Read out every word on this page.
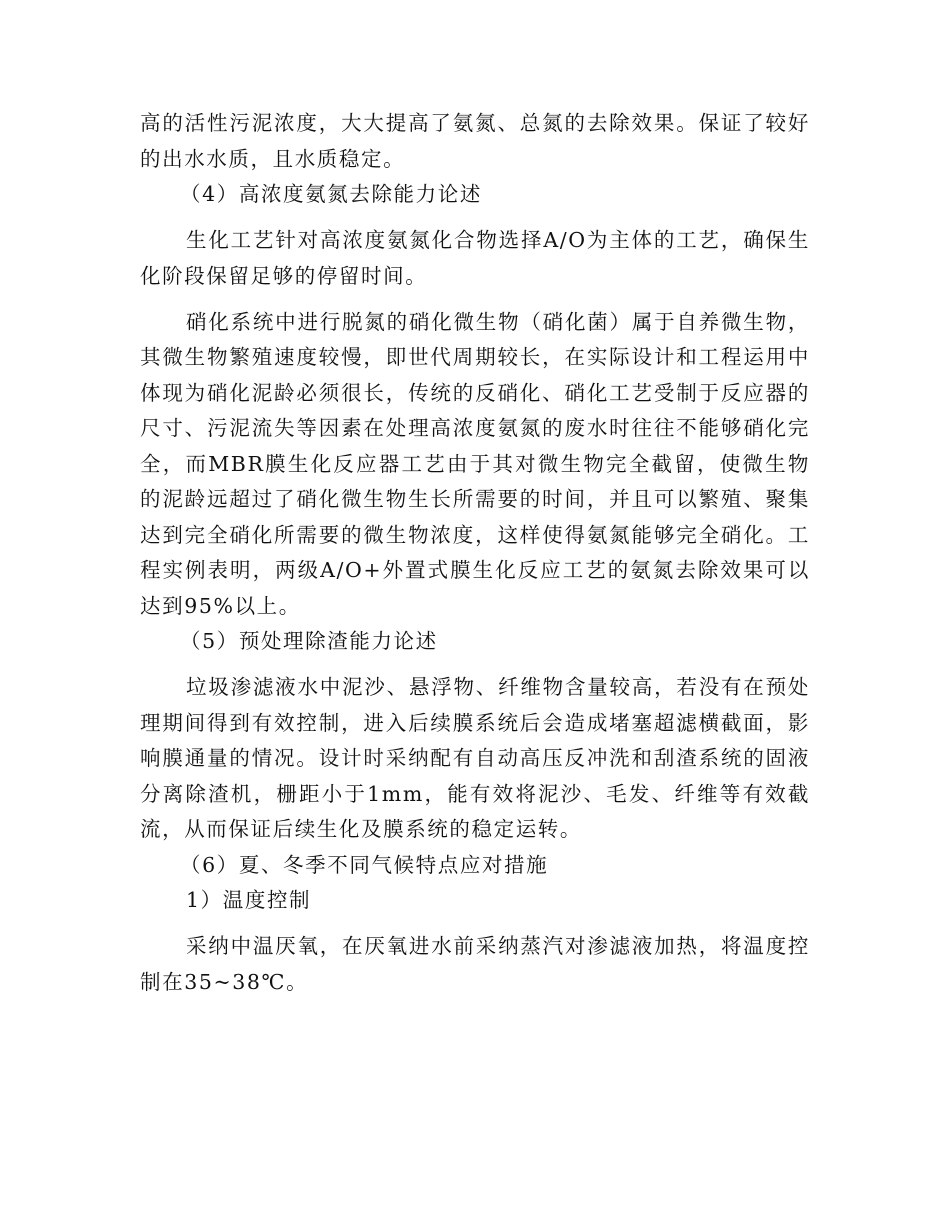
高的活性污泥浓度，大大提高了氨氮、总氮的去除效果。保证了较好的出水水质，且水质稳定。

（4）高浓度氨氮去除能力论述

生化工艺针对高浓度氨氮化合物选择A/O为主体的工艺，确保生化阶段保留足够的停留时间。

硝化系统中进行脱氮的硝化微生物（硝化菌）属于自养微生物，其微生物繁殖速度较慢，即世代周期较长，在实际设计和工程运用中体现为硝化泥龄必须很长，传统的反硝化、硝化工艺受制于反应器的尺寸、污泥流失等因素在处理高浓度氨氮的废水时往往不能够硝化完全，而MBR膜生化反应器工艺由于其对微生物完全截留，使微生物的泥龄远超过了硝化微生物生长所需要的时间，并且可以繁殖、聚集达到完全硝化所需要的微生物浓度，这样使得氨氮能够完全硝化。工程实例表明，两级A/O+外置式膜生化反应工艺的氨氮去除效果可以达到95%以上。

（5）预处理除渣能力论述

垃圾渗滤液水中泥沙、悬浮物、纤维物含量较高，若没有在预处理期间得到有效控制，进入后续膜系统后会造成堵塞超滤横截面，影响膜通量的情况。设计时采纳配有自动高压反冲洗和刮渣系统的固液分离除渣机，栅距小于1mm，能有效将泥沙、毛发、纤维等有效截流，从而保证后续生化及膜系统的稳定运转。

（6）夏、冬季不同气候特点应对措施

1）温度控制

采纳中温厌氧，在厌氧进水前采纳蒸汽对渗滤液加热，将温度控制在35~38℃。
